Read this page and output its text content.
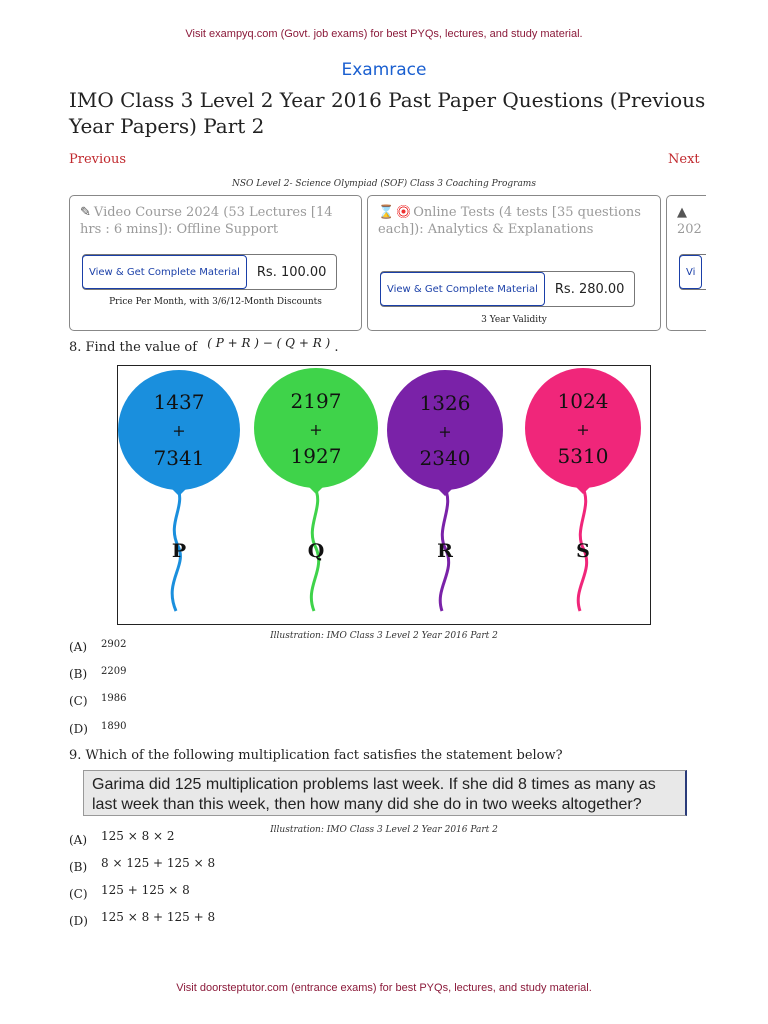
Visit exampyq.com (Govt. job exams) for best PYQs, lectures, and study material.
Examrace
IMO Class 3 Level 2 Year 2016 Past Paper Questions (Previous Year Papers) Part 2
Previous	Next
NSO Level 2- Science Olympiad (SOF) Class 3 Coaching Programs
✎ Video Course 2024 (53 Lectures [14 hrs : 6 mins]): Offline Support
View & Get Complete Material	Rs. 100.00
Price Per Month, with 3/6/12-Month Discounts
⌛ Online Tests (4 tests [35 questions each]): Analytics & Explanations
View & Get Complete Material	Rs. 280.00
3 Year Validity
▲
202
Vi
8. Find the value of ( P + R ) − ( Q + R ) .
1437
+
7341
P
2197
+
1927
Q
1326
+
2340
R
1024
+
5310
S
Illustration: IMO Class 3 Level 2 Year 2016 Part 2
(A) $^{2902}$
(B) $^{2209}$
(C) $^{1986}$
(D) $^{1890}$
9. Which of the following multiplication fact satisfies the statement below?
Garima did 125 multiplication problems last week. If she did 8 times as many as last week than this week, then how many did she do in two weeks altogether?
Illustration: IMO Class 3 Level 2 Year 2016 Part 2
(A) 125 × 8 × 2
(B) 8 × 125 + 125 × 8
(C) 125 + 125 × 8
(D) 125 × 8 + 125 + 8
Visit doorsteptutor.com (entrance exams) for best PYQs, lectures, and study material.
